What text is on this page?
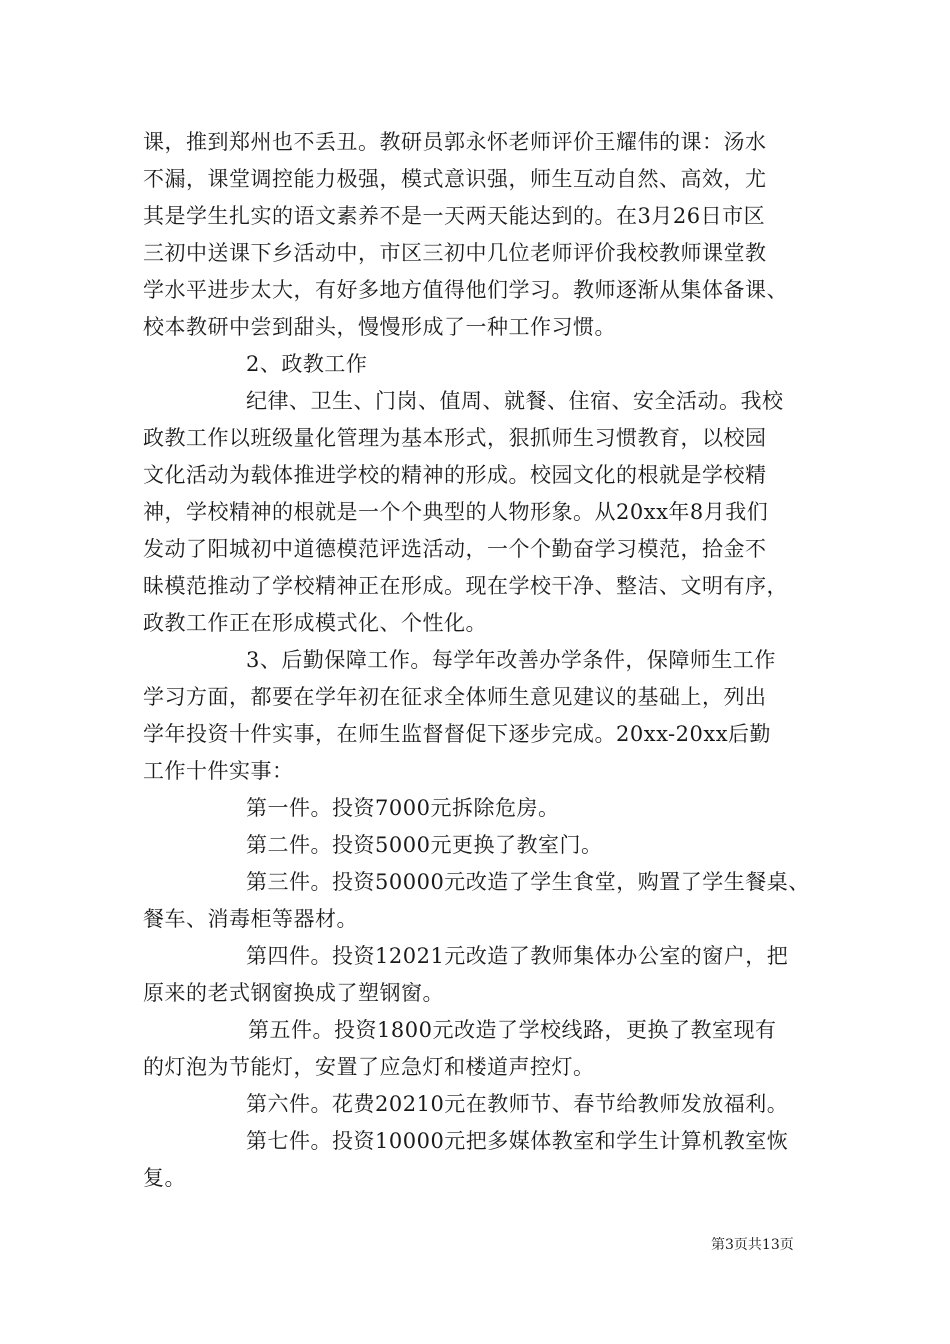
课，推到郑州也不丢丑。教研员郭永怀老师评价王耀伟的课：汤水
不漏，课堂调控能力极强，模式意识强，师生互动自然、高效，尤
其是学生扎实的语文素养不是一天两天能达到的。在3月26日市区
三初中送课下乡活动中，市区三初中几位老师评价我校教师课堂教
学水平进步太大，有好多地方值得他们学习。教师逐渐从集体备课、
校本教研中尝到甜头，慢慢形成了一种工作习惯。
2、政教工作
纪律、卫生、门岗、值周、就餐、住宿、安全活动。我校
政教工作以班级量化管理为基本形式，狠抓师生习惯教育，以校园
文化活动为载体推进学校的精神的形成。校园文化的根就是学校精
神，学校精神的根就是一个个典型的人物形象。从20xx年8月我们
发动了阳城初中道德模范评选活动，一个个勤奋学习模范，拾金不
昧模范推动了学校精神正在形成。现在学校干净、整洁、文明有序，
政教工作正在形成模式化、个性化。
3、后勤保障工作。每学年改善办学条件，保障师生工作
学习方面，都要在学年初在征求全体师生意见建议的基础上，列出
学年投资十件实事，在师生监督督促下逐步完成。20xx-20xx后勤
工作十件实事：
第一件。投资7000元拆除危房。
第二件。投资5000元更换了教室门。
第三件。投资50000元改造了学生食堂，购置了学生餐桌、
餐车、消毒柜等器材。
第四件。投资12021元改造了教师集体办公室的窗户，把
原来的老式钢窗换成了塑钢窗。
第五件。投资1800元改造了学校线路，更换了教室现有
的灯泡为节能灯，安置了应急灯和楼道声控灯。
第六件。花费20210元在教师节、春节给教师发放福利。
第七件。投资10000元把多媒体教室和学生计算机教室恢
复。
第3页共13页
